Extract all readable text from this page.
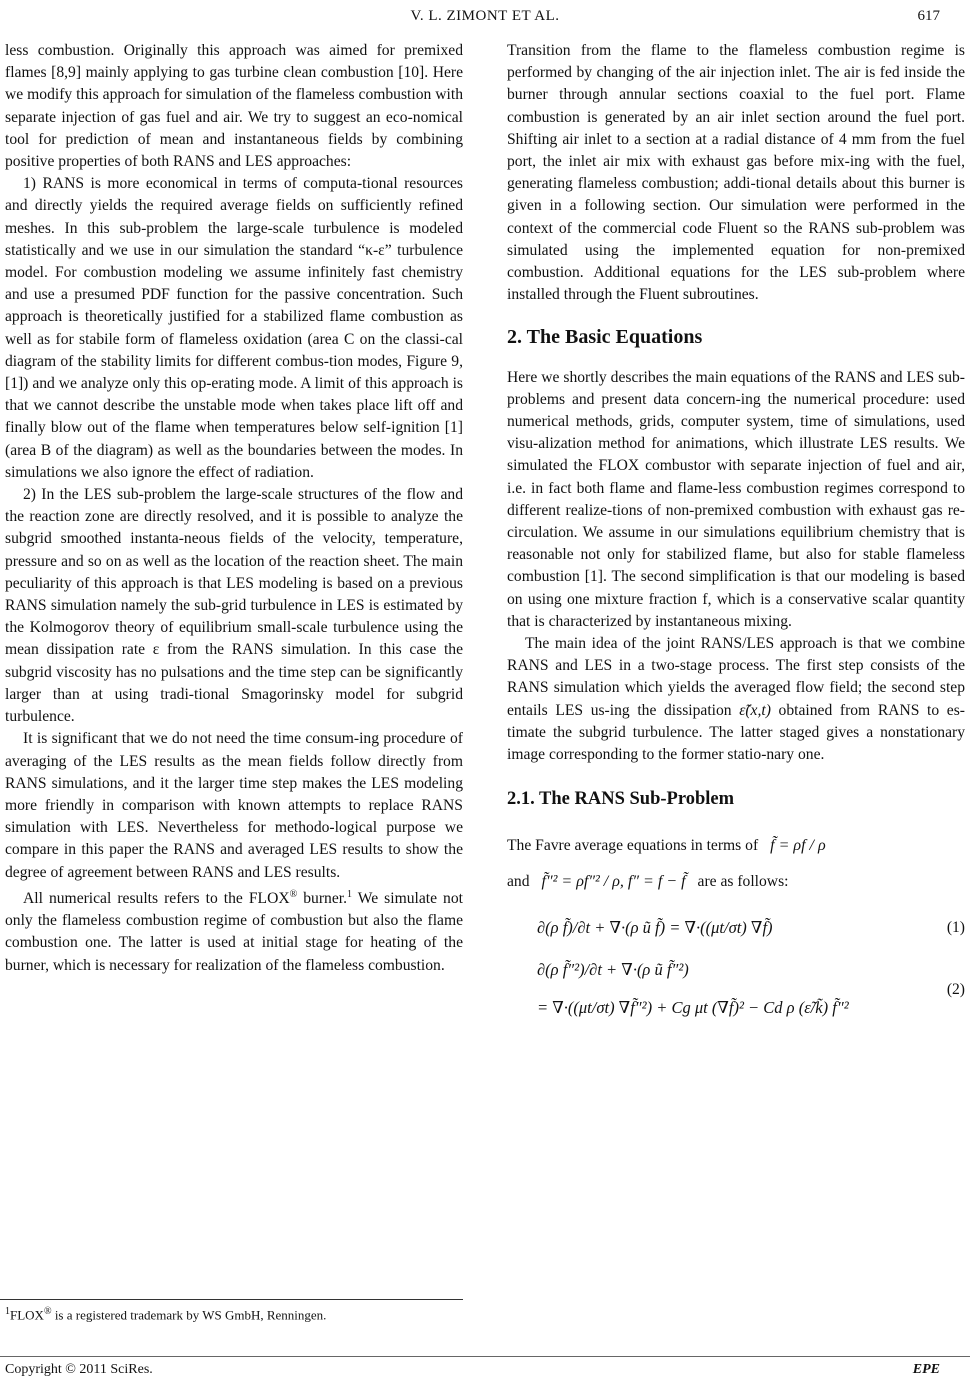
V. L. ZIMONT ET AL.	617

less combustion. Originally this approach was aimed for premixed flames [8,9] mainly applying to gas turbine clean combustion [10]. Here we modify this approach for simulation of the flameless combustion with separate injection of gas fuel and air. We try to suggest an eco-nomical tool for prediction of mean and instantaneous fields by combining positive properties of both RANS and LES approaches:

1) RANS is more economical in terms of computa-tional resources and directly yields the required average fields on sufficiently refined meshes. In this sub-problem the large-scale turbulence is modeled statistically and we use in our simulation the standard “κ-ε” turbulence model. For combustion modeling we assume infinitely fast chemistry and use a presumed PDF function for the passive concentration. Such approach is theoretically justified for a stabilized flame combustion as well as for stabile form of flameless oxidation (area C on the classi-cal diagram of the stability limits for different combus-tion modes, Figure 9, [1]) and we analyze only this op-erating mode. A limit of this approach is that we cannot describe the unstable mode when takes place lift off and finally blow out of the flame when temperatures below self-ignition [1] (area B of the diagram) as well as the boundaries between the modes. In simulations we also ignore the effect of radiation.

2) In the LES sub-problem the large-scale structures of the flow and the reaction zone are directly resolved, and it is possible to analyze the subgrid smoothed instanta-neous fields of the velocity, temperature, pressure and so on as well as the location of the reaction sheet. The main peculiarity of this approach is that LES modeling is based on a previous RANS simulation namely the sub-grid turbulence in LES is estimated by the Kolmogorov theory of equilibrium small-scale turbulence using the mean dissipation rate ε from the RANS simulation. In this case the subgrid viscosity has no pulsations and the time step can be significantly larger than at using tradi-tional Smagorinsky model for subgrid turbulence.

It is significant that we do not need the time consum-ing procedure of averaging of the LES results as the mean fields follow directly from RANS simulations, and it the larger time step makes the LES modeling more friendly in comparison with known attempts to replace RANS simulation with LES. Nevertheless for methodo-logical purpose we compare in this paper the RANS and averaged LES results to show the degree of agreement between RANS and LES results.

All numerical results refers to the FLOX® burner.$^1$ We simulate not only the flameless combustion regime of combustion but also the flame combustion one. The latter is used at initial stage for heating of the burner, which is necessary for realization of the flameless combustion.

Transition from the flame to the flameless combustion regime is performed by changing of the air injection inlet. The air is fed inside the burner through annular sections coaxial to the fuel port. Flame combustion is generated by an air inlet section around the fuel port. Shifting air inlet to a section at a radial distance of 4 mm from the fuel port, the inlet air mix with exhaust gas before mix-ing with the fuel, generating flameless combustion; addi-tional details about this burner is given in a following section. Our simulation were performed in the context of the commercial code Fluent so the RANS sub-problem was simulated using the implemented equation for non-premixed combustion. Additional equations for the LES sub-problem where installed through the Fluent subroutines.

2. The Basic Equations

Here we shortly describes the main equations of the RANS and LES sub-problems and present data concern-ing the numerical procedure: used numerical methods, grids, computer system, time of simulations, used visu-alization method for animations, which illustrate LES results. We simulated the FLOX combustor with separate injection of fuel and air, i.e. in fact both flame and flame-less combustion regimes correspond to different realize-tions of non-premixed combustion with exhaust gas re-circulation. We assume in our simulations equilibrium chemistry that is reasonable not only for stabilized flame, but also for stable flameless combustion [1]. The second simplification is that our modeling is based on using one mixture fraction f, which is a conservative scalar quantity that is characterized by instantaneous mixing.

The main idea of the joint RANS/LES approach is that we combine RANS and LES in a two-stage process. The first step consists of the RANS simulation which yields the averaged flow field; the second step entails LES us-ing the dissipation ε̃(x,t) obtained from RANS to es-timate the subgrid turbulence. The latter staged gives a nonstationary image corresponding to the former statio-nary one.

2.1. The RANS Sub-Problem
The Favre average equations in terms of f̃ = ρf / ρ
and f̃″² = ρf″² / ρ, f″ = f − f̃ are as follows:
∂(ρ f̃)/∂t + ∇·(ρ ũ f̃) = ∇·((μt/σt) ∇f̃)	(1)
∂(ρ f̃″²)/∂t + ∇·(ρ ũ f̃″²)
= ∇·((μt/σt) ∇f̃″²) + Cg μt (∇f̃)² − Cd ρ (ε̃/k̃) f̃″²
(2)
$^1$FLOX® is a registered trademark by WS GmbH, Renningen.
Copyright © 2011 SciRes.	EPE
